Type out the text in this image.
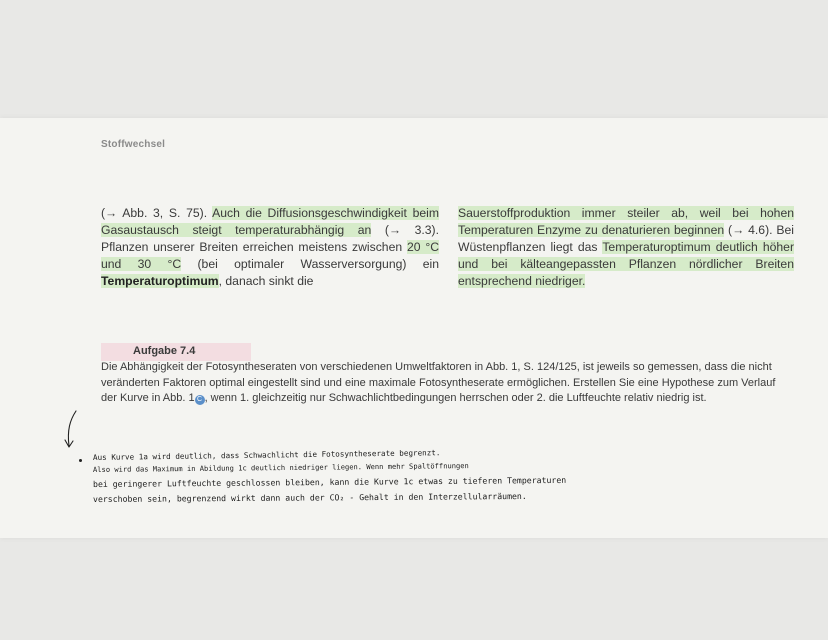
Stoffwechsel

(→ Abb. 3, S. 75). Auch die Diffusionsgeschwindigkeit beim Gasaustausch steigt temperaturabhängig an (→ 3.3). Pflanzen unserer Breiten erreichen meistens zwischen 20 °C und 30 °C (bei optimaler Wasserversorgung) ein Temperaturoptimum, danach sinkt die

Sauerstoffproduktion immer steiler ab, weil bei hohen Temperaturen Enzyme zu denaturieren beginnen (→ 4.6). Bei Wüstenpflanzen liegt das Temperaturoptimum deutlich höher und bei kälteangepassten Pflanzen nördlicher Breiten entsprechend niedriger.

Aufgabe 7.4

Die Abhängigkeit der Fotosyntheseraten von verschiedenen Umweltfaktoren in Abb. 1, S. 124/125, ist jeweils so gemessen, dass die nicht veränderten Faktoren optimal eingestellt sind und eine maximale Fotosyntheserate ermöglichen. Erstellen Sie eine Hypothese zum Verlauf der Kurve in Abb. 1 C , wenn 1. gleichzeitig nur Schwachlichtbedingungen herrschen oder 2. die Luftfeuchte relativ niedrig ist.

Aus Kurve 1a wird deutlich, dass Schwachlicht die Fotosyntheserate begrenzt.
Also wird das Maximum in Abildung 1c deutlich niedriger liegen. Wenn mehr Spaltöffnungen
bei geringerer Luftfeuchte geschlossen bleiben, kann die Kurve 1c etwas zu tieferen Temperaturen
verschoben sein, begrenzend wirkt dann auch der CO₂ - Gehalt in den Interzellularräumen.
